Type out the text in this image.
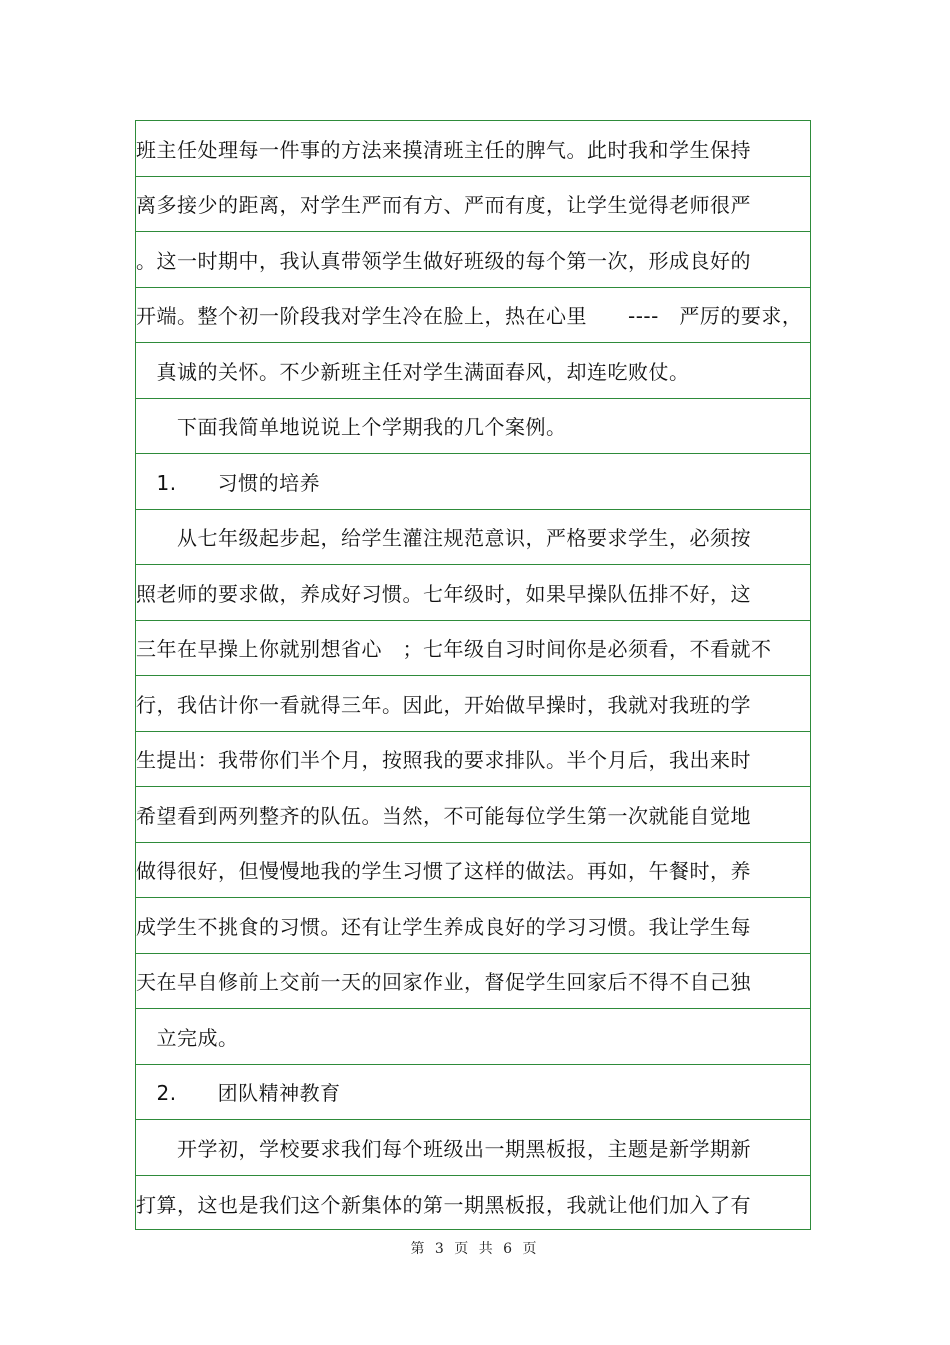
班主任处理每一件事的方法来摸清班主任的脾气。此时我和学生保持
离多接少的距离，对学生严而有方、严而有度，让学生觉得老师很严
。这一时期中，我认真带领学生做好班级的每个第一次，形成良好的
开端。整个初一阶段我对学生冷在脸上，热在心里　　----　严厉的要求，
　真诚的关怀。不少新班主任对学生满面春风，却连吃败仗。
　　下面我简单地说说上个学期我的几个案例。
　1.　　习惯的培养
　　从七年级起步起，给学生灌注规范意识，严格要求学生，必须按
照老师的要求做，养成好习惯。七年级时，如果早操队伍排不好，这
三年在早操上你就别想省心　；七年级自习时间你是必须看，不看就不
行，我估计你一看就得三年。因此，开始做早操时，我就对我班的学
生提出：我带你们半个月，按照我的要求排队。半个月后，我出来时
希望看到两列整齐的队伍。当然，不可能每位学生第一次就能自觉地
做得很好，但慢慢地我的学生习惯了这样的做法。再如，午餐时，养
成学生不挑食的习惯。还有让学生养成良好的学习习惯。我让学生每
天在早自修前上交前一天的回家作业，督促学生回家后不得不自己独
　立完成。
　2.　　团队精神教育
　　开学初，学校要求我们每个班级出一期黑板报，主题是新学期新
打算，这也是我们这个新集体的第一期黑板报，我就让他们加入了有
第 3 页 共 6 页
